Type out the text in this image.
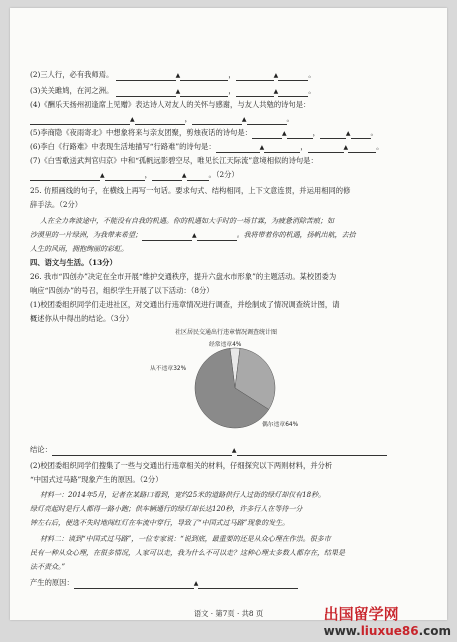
(2)三人行，必有我师焉。	▲	，	▲	。
(3)关关雎鸠，在河之洲。	▲	，	▲	。
(4)《酬乐天扬州初逢席上见赠》表达诗人对友人的关怀与感谢，与友人共勉的诗句是：
▲	，	▲	。
(5)李商隐《夜雨寄北》中想象将来与亲友团聚，剪烛夜话的诗句是：	▲	，	▲	。
(6)李白《行路难》中表现生活地描写“行路难”的诗句是：	▲	，	▲	。
(7)《白雪歌送武判官归京》中和“孤帆远影碧空尽，唯见长江天际流”意境相似的诗句是：
▲	，	▲	。（2分）
25. 仿照画线的句子，在横线上再写一句话。要求句式、结构相同，上下文意连贯，并运用相同的修
辞手法。（2分）
人在全力奔波途中，不能没有自我的机遇。你的机遇如大手时的一场甘霖，为疲惫消除苦痕；如
沙漠里的一片绿洲，为我带来希望；	▲	。我将带着你的机遇，扬帆出航，去拾
人生的风雨，拥抱绚丽的彩虹。
四、语文与生活。（13分）
26. 我市“四创办”决定在全市开展“维护交通秩序，提升六盘水市形象”的主题活动。某校团委为
响应“四创办”的号召，组织学生开展了以下活动：（8分）
(1)校团委组织同学们走进社区，对交通出行违章情况进行调查，并绘制成了情况调查统计图，请
概述你从中得出的结论。（3分）
社区居民交通出行违章情况调查统计图
经常违章4%
从不违章32%
偶尔违章64%
结论：	▲
(2)校团委组织同学们搜集了一些与交通出行违章相关的材料，仔细探究以下两则材料，并分析
“中国式过马路”现象产生的原因。（2分）
材料一：2014年5月，记者在某路口看到，宽约25米的道路供行人过街的绿灯却仅有18秒。
绿灯亮起时是行人都得一路小跑；供车辆通行的绿灯却长达120秒，许多行人在等待一分
钟左右后，便选不失时地闯红灯在车流中穿行，导致了“中国式过马路”现象的发生。
材料二：谈到“中国式过马路”，一位专家说：“说到底，最重要的还是从众心理在作祟。很多市
民有一种从众心理，在很多情况，人家可以走，我为什么不可以走？这种心理太多数人都存在，结果是
法不责众。”
产生的原因：	▲
语文 · 第7页 · 共8 页	出国留学网
www.liuxue86.com
